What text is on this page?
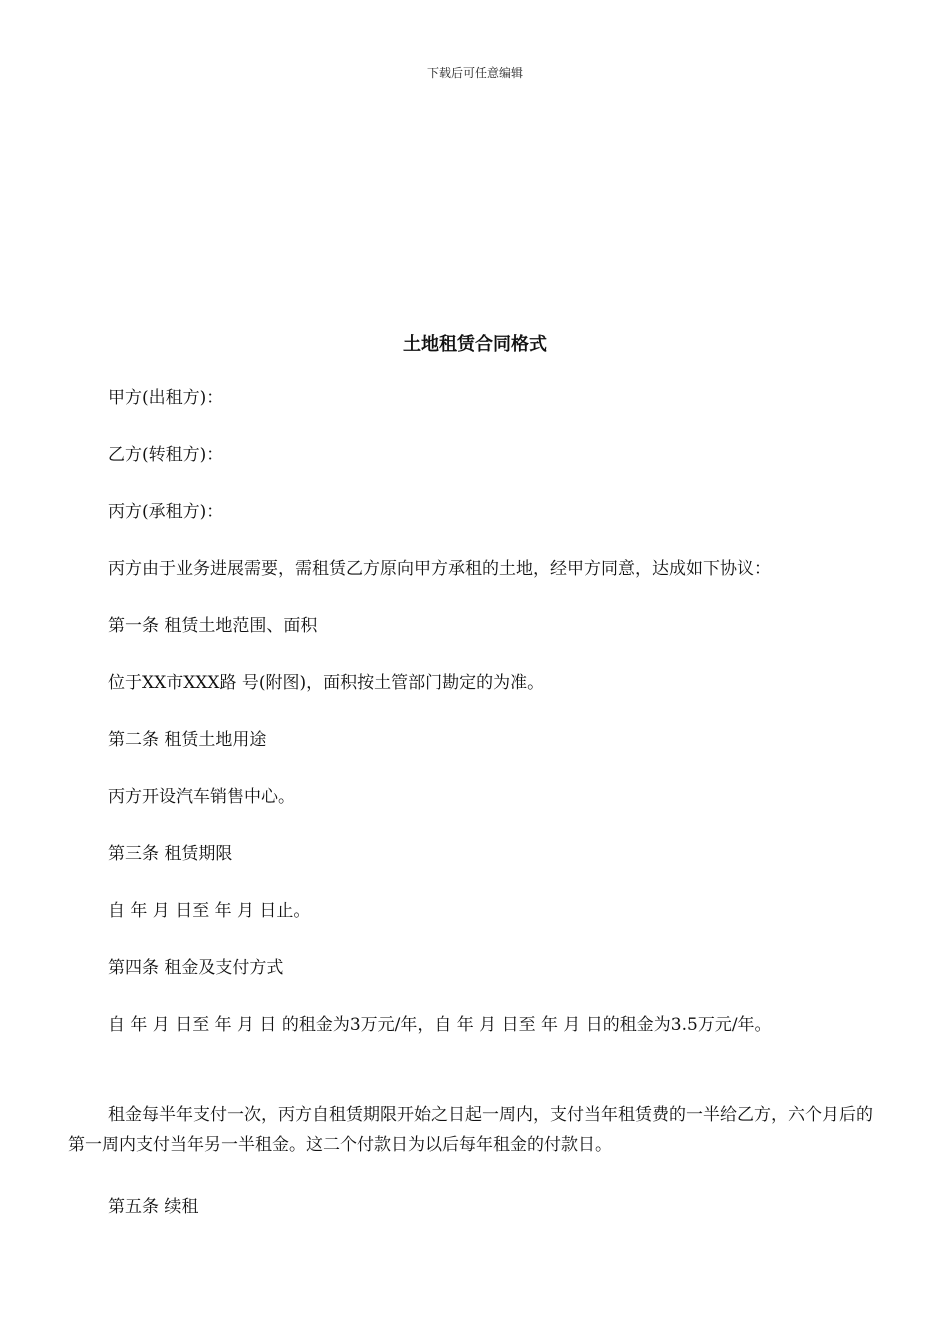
下载后可任意编辑
土地租赁合同格式

甲方(出租方)：

乙方(转租方)：

丙方(承租方)：

丙方由于业务进展需要，需租赁乙方原向甲方承租的土地，经甲方同意，达成如下协议：

第一条 租赁土地范围、面积

位于XX市XXX路 号(附图)，面积按土管部门勘定的为准。

第二条 租赁土地用途

丙方开设汽车销售中心。

第三条 租赁期限

自 年 月 日至 年 月 日止。

第四条 租金及支付方式

自 年 月 日至 年 月 日 的租金为3万元/年，自 年 月 日至 年 月 日的租金为3.5万元/年。

租金每半年支付一次，丙方自租赁期限开始之日起一周内，支付当年租赁费的一半给乙方，六个月后的第一周内支付当年另一半租金。这二个付款日为以后每年租金的付款日。

第五条 续租
